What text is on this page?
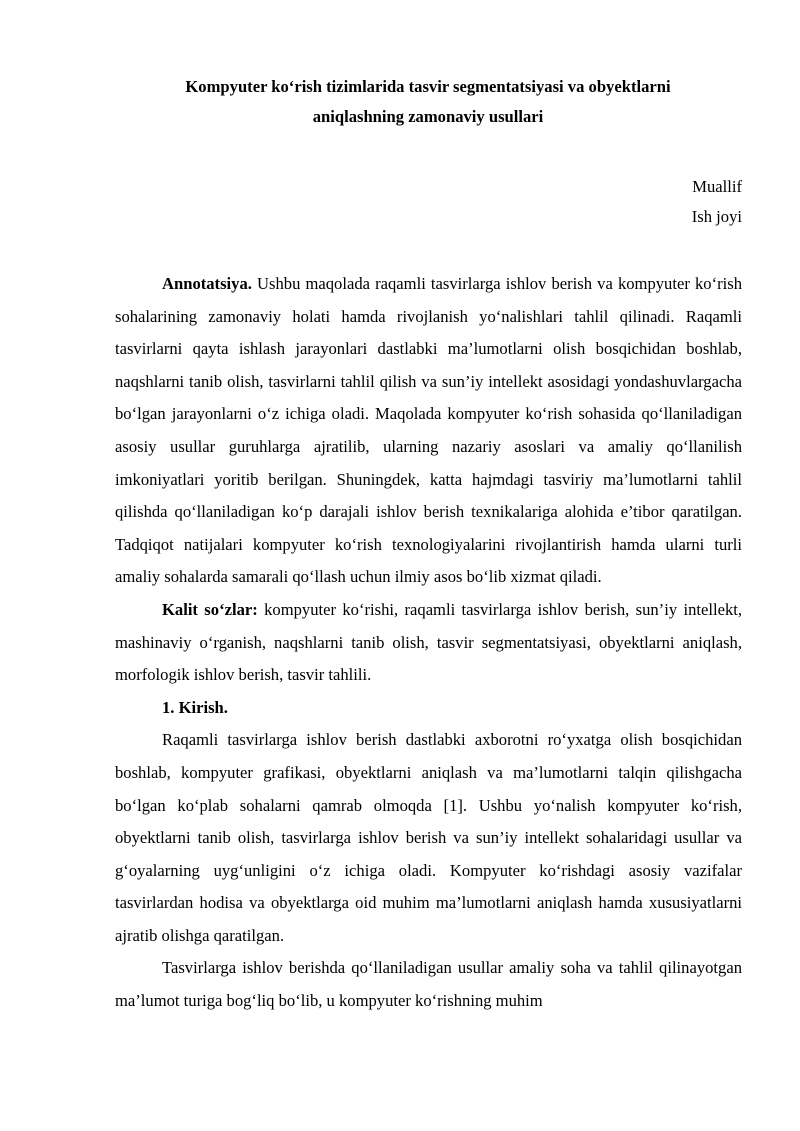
Kompyuter ko‘rish tizimlarida tasvir segmentatsiyasi va obyektlarni
aniqlashning zamonaviy usullari
Muallif
Ish joyi

Annotatsiya. Ushbu maqolada raqamli tasvirlarga ishlov berish va kompyuter ko‘rish sohalarining zamonaviy holati hamda rivojlanish yo‘nalishlari tahlil qilinadi. Raqamli tasvirlarni qayta ishlash jarayonlari dastlabki ma’lumotlarni olish bosqichidan boshlab, naqshlarni tanib olish, tasvirlarni tahlil qilish va sun’iy intellekt asosidagi yondashuvlargacha bo‘lgan jarayonlarni o‘z ichiga oladi. Maqolada kompyuter ko‘rish sohasida qo‘llaniladigan asosiy usullar guruhlarga ajratilib, ularning nazariy asoslari va amaliy qo‘llanilish imkoniyatlari yoritib berilgan. Shuningdek, katta hajmdagi tasviriy ma’lumotlarni tahlil qilishda qo‘llaniladigan ko‘p darajali ishlov berish texnikalariga alohida e’tibor qaratilgan. Tadqiqot natijalari kompyuter ko‘rish texnologiyalarini rivojlantirish hamda ularni turli amaliy sohalarda samarali qo‘llash uchun ilmiy asos bo‘lib xizmat qiladi.

Kalit so‘zlar: kompyuter ko‘rishi, raqamli tasvirlarga ishlov berish, sun’iy intellekt, mashinaviy o‘rganish, naqshlarni tanib olish, tasvir segmentatsiyasi, obyektlarni aniqlash, morfologik ishlov berish, tasvir tahlili.

1. Kirish.

Raqamli tasvirlarga ishlov berish dastlabki axborotni ro‘yxatga olish bosqichidan boshlab, kompyuter grafikasi, obyektlarni aniqlash va ma’lumotlarni talqin qilishgacha bo‘lgan ko‘plab sohalarni qamrab olmoqda [1]. Ushbu yo‘nalish kompyuter ko‘rish, obyektlarni tanib olish, tasvirlarga ishlov berish va sun’iy intellekt sohalaridagi usullar va g‘oyalarning uyg‘unligini o‘z ichiga oladi. Kompyuter ko‘rishdagi asosiy vazifalar tasvirlardan hodisa va obyektlarga oid muhim ma’lumotlarni aniqlash hamda xususiyatlarni ajratib olishga qaratilgan.

Tasvirlarga ishlov berishda qo‘llaniladigan usullar amaliy soha va tahlil qilinayotgan ma’lumot turiga bog‘liq bo‘lib, u kompyuter ko‘rishning muhim
